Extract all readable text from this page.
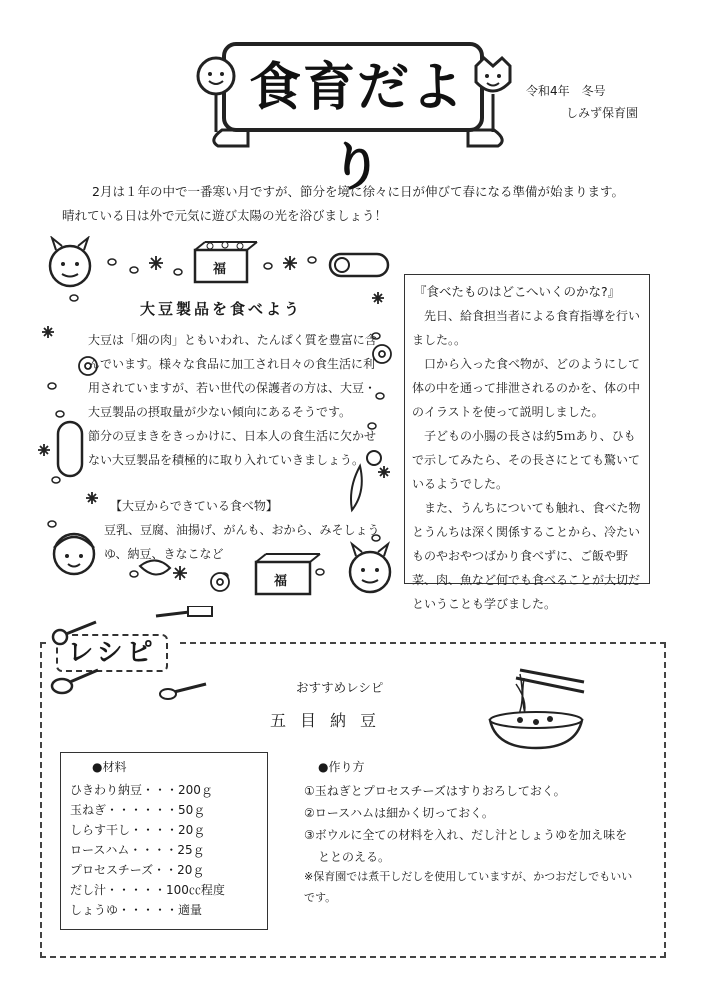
食育だより
令和4年　冬号
しみず保育園
2月は１年の中で一番寒い月ですが、節分を境に徐々に日が伸びて春になる準備が始まります。
晴れている日は外で元気に遊び太陽の光を浴びましょう！
福
福
大豆製品を食べよう

大豆は「畑の肉」ともいわれ、たんぱく質を豊富に含んでいます。様々な食品に加工され日々の食生活に利用されていますが、若い世代の保護者の方は、大豆・大豆製品の摂取量が少ない傾向にあるそうです。

節分の豆まきをきっかけに、日本人の食生活に欠かせない大豆製品を積極的に取り入れていきましょう。

【大豆からできている食べ物】
豆乳、豆腐、油揚げ、がんも、おから、みそしょうゆ、納豆、きなこなど
『食べたものはどこへいくのかな?』

先日、給食担当者による食育指導を行いました。。

口から入った食べ物が、どのようにして体の中を通って排泄されるのかを、体の中のイラストを使って説明しました。

子どもの小腸の長さは約5ｍあり、ひもで示してみたら、その長さにとても驚いているようでした。

また、うんちについても触れ、食べた物とうんちは深く関係することから、冷たいものやおやつばかり食べずに、ご飯や野菜、肉、魚など何でも食べることが大切だということも学びました。

レシピ
おすすめレシピ
五目納豆
●材料
ひきわり納豆・・・200ｇ
玉ねぎ・・・・・・50ｇ
しらす干し・・・・20ｇ
ロースハム・・・・25ｇ
プロセスチーズ・・20ｇ
だし汁・・・・・100㏄程度
しょうゆ・・・・・適量
●作り方

①玉ねぎとプロセスチーズはすりおろしておく。

②ロースハムは細かく切っておく。

③ボウルに全ての材料を入れ、だし汁としょうゆを加え味をととのえる。

※保育園では煮干しだしを使用していますが、かつおだしでもいいです。
